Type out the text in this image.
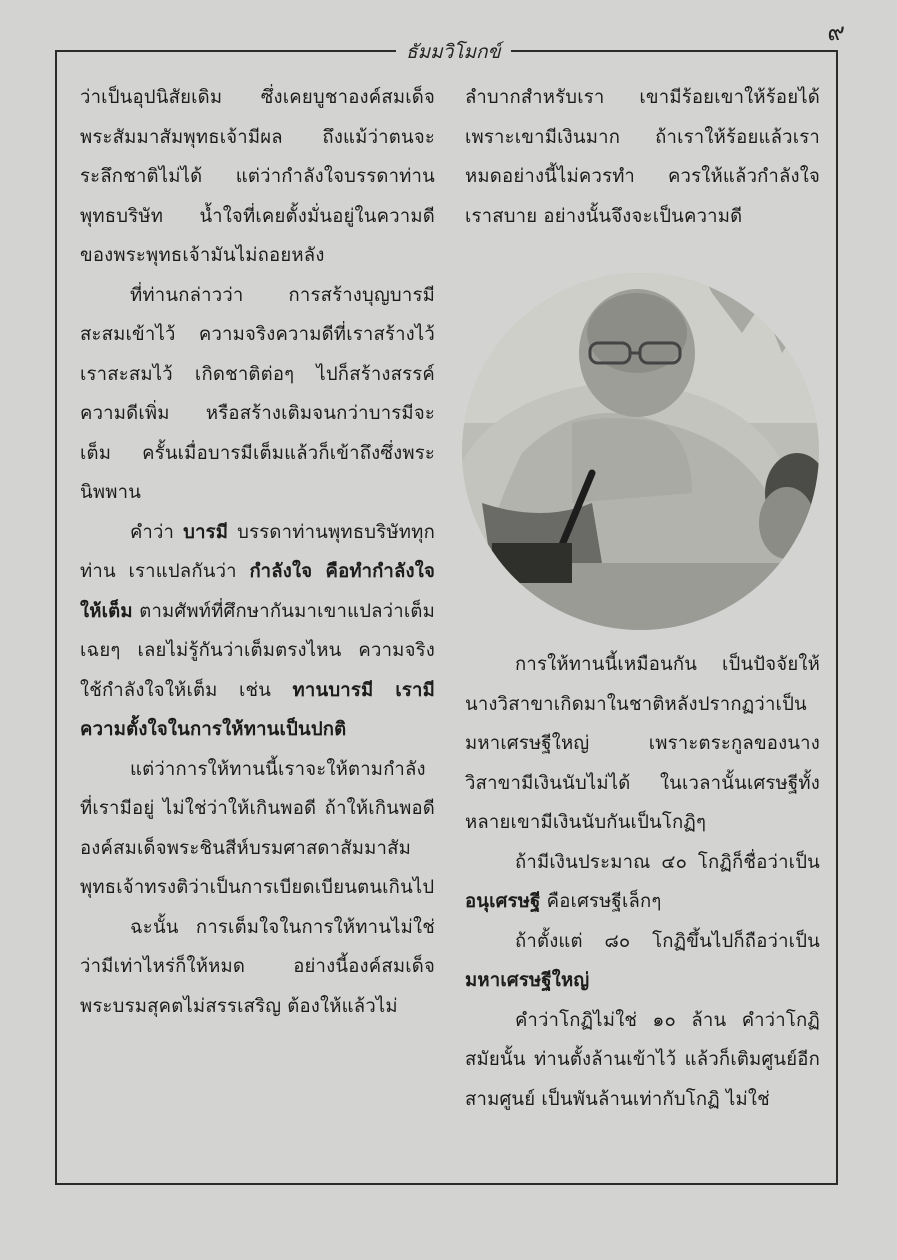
๙
ธัมมวิโมกข์

ว่าเป็นอุปนิสัยเดิม ซึ่งเคยบูชาองค์สมเด็จพระสัมมาสัมพุทธเจ้ามีผล ถึงแม้ว่าตนจะระลึกชาติไม่ได้ แต่ว่ากำลังใจบรรดาท่านพุทธบริษัท น้ำใจที่เคยตั้งมั่นอยู่ในความดีของพระพุทธเจ้ามันไม่ถอยหลัง

ที่ท่านกล่าวว่า การสร้างบุญบารมีสะสมเข้าไว้ ความจริงความดีที่เราสร้างไว้ เราสะสมไว้ เกิดชาติต่อๆ ไปก็สร้างสรรค์ความดีเพิ่ม หรือสร้างเติมจนกว่าบารมีจะเต็ม ครั้นเมื่อบารมีเต็มแล้วก็เข้าถึงซึ่งพระนิพพาน

คำว่า บารมี บรรดาท่านพุทธบริษัททุกท่าน เราแปลกันว่า กำลังใจ คือทำกำลังใจให้เต็ม ตามศัพท์ที่ศึกษากันมาเขาแปลว่าเต็มเฉยๆ เลยไม่รู้กันว่าเต็มตรงไหน ความจริงใช้กำลังใจให้เต็ม เช่น ทานบารมี เรามีความตั้งใจในการให้ทานเป็นปกติ

แต่ว่าการให้ทานนี้เราจะให้ตามกำลังที่เรามีอยู่ ไม่ใช่ว่าให้เกินพอดี ถ้าให้เกินพอดีองค์สมเด็จพระชินสีห์บรมศาสดาสัมมาสัมพุทธเจ้าทรงติว่าเป็นการเบียดเบียนตนเกินไป

ฉะนั้น การเต็มใจในการให้ทานไม่ใช่ว่ามีเท่าไหร่ก็ให้หมด อย่างนี้องค์สมเด็จพระบรมสุคตไม่สรรเสริญ ต้องให้แล้วไม่

ลำบากสำหรับเรา เขามีร้อยเขาให้ร้อยได้ เพราะเขามีเงินมาก ถ้าเราให้ร้อยแล้วเราหมดอย่างนี้ไม่ควรทำ ควรให้แล้วกำลังใจเราสบาย อย่างนั้นจึงจะเป็นความดี

การให้ทานนี้เหมือนกัน เป็นปัจจัยให้นางวิสาขาเกิดมาในชาติหลังปรากฏว่าเป็นมหาเศรษฐีใหญ่ เพราะตระกูลของนางวิสาขามีเงินนับไม่ได้ ในเวลานั้นเศรษฐีทั้งหลายเขามีเงินนับกันเป็นโกฏิๆ

ถ้ามีเงินประมาณ ๔๐ โกฏิก็ชื่อว่าเป็นอนุเศรษฐี คือเศรษฐีเล็กๆ

ถ้าตั้งแต่ ๘๐ โกฏิขึ้นไปก็ถือว่าเป็นมหาเศรษฐีใหญ่

คำว่าโกฏิไม่ใช่ ๑๐ ล้าน คำว่าโกฏิสมัยนั้น ท่านตั้งล้านเข้าไว้ แล้วก็เติมศูนย์อีกสามศูนย์ เป็นพันล้านเท่ากับโกฏิ ไม่ใช่
